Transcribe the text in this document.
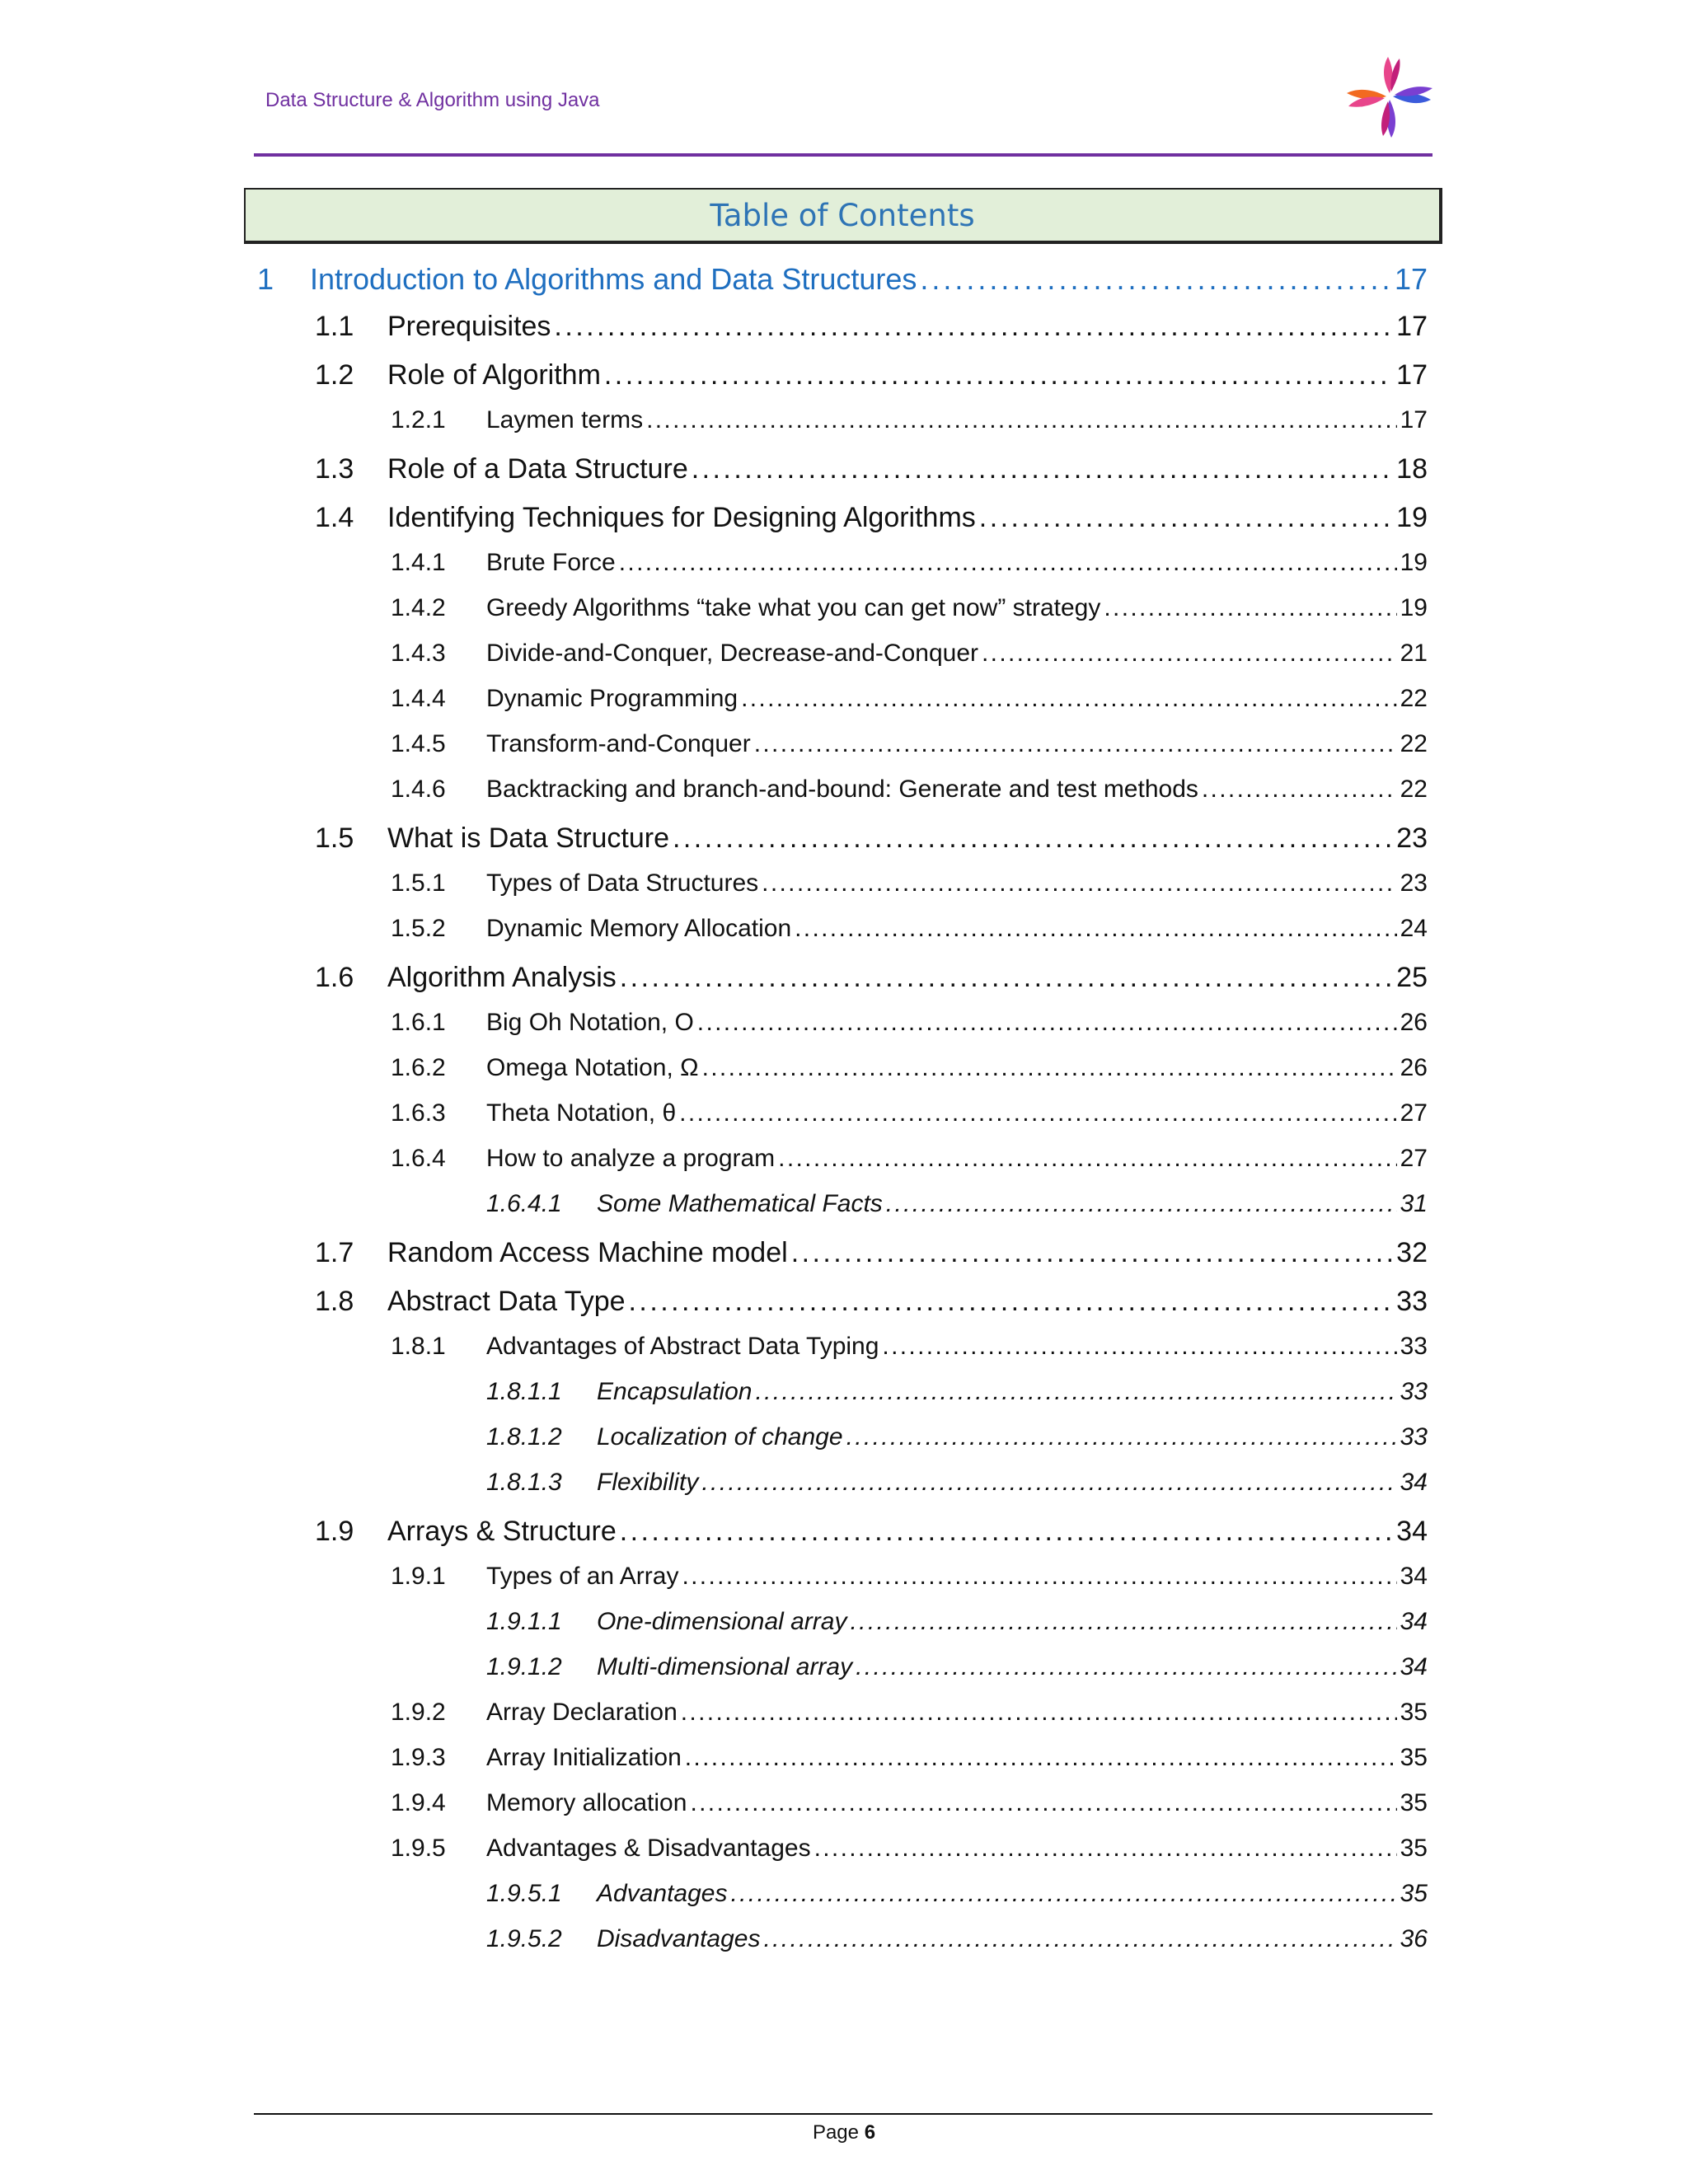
Data Structure & Algorithm using Java
Table of Contents
1	Introduction to Algorithms and Data Structures . . .	17
1.1	Prerequisites . . .	17
1.2	Role of Algorithm . . .	17
1.2.1	Laymen terms . . .	17
1.3	Role of a Data Structure . . .	18
1.4	Identifying Techniques for Designing Algorithms . . .	19
1.4.1	Brute Force . . .	19
1.4.2	Greedy Algorithms “take what you can get now” strategy . . .	19
1.4.3	Divide-and-Conquer, Decrease-and-Conquer . . .	21
1.4.4	Dynamic Programming . . .	22
1.4.5	Transform-and-Conquer . . .	22
1.4.6	Backtracking and branch-and-bound: Generate and test methods . . .	22
1.5	What is Data Structure . . .	23
1.5.1	Types of Data Structures . . .	23
1.5.2	Dynamic Memory Allocation . . .	24
1.6	Algorithm Analysis . . .	25
1.6.1	Big Oh Notation, O . . .	26
1.6.2	Omega Notation, Ω . . .	26
1.6.3	Theta Notation, θ . . .	27
1.6.4	How to analyze a program . . .	27
1.6.4.1	Some Mathematical Facts . . .	31
1.7	Random Access Machine model . . .	32
1.8	Abstract Data Type . . .	33
1.8.1	Advantages of Abstract Data Typing . . .	33
1.8.1.1	Encapsulation . . .	33
1.8.1.2	Localization of change . . .	33
1.8.1.3	Flexibility . . .	34
1.9	Arrays & Structure . . .	34
1.9.1	Types of an Array . . .	34
1.9.1.1	One-dimensional array . . .	34
1.9.1.2	Multi-dimensional array . . .	34
1.9.2	Array Declaration . . .	35
1.9.3	Array Initialization . . .	35
1.9.4	Memory allocation . . .	35
1.9.5	Advantages & Disadvantages . . .	35
1.9.5.1	Advantages . . .	35
1.9.5.2	Disadvantages . . .	36
Page 6
